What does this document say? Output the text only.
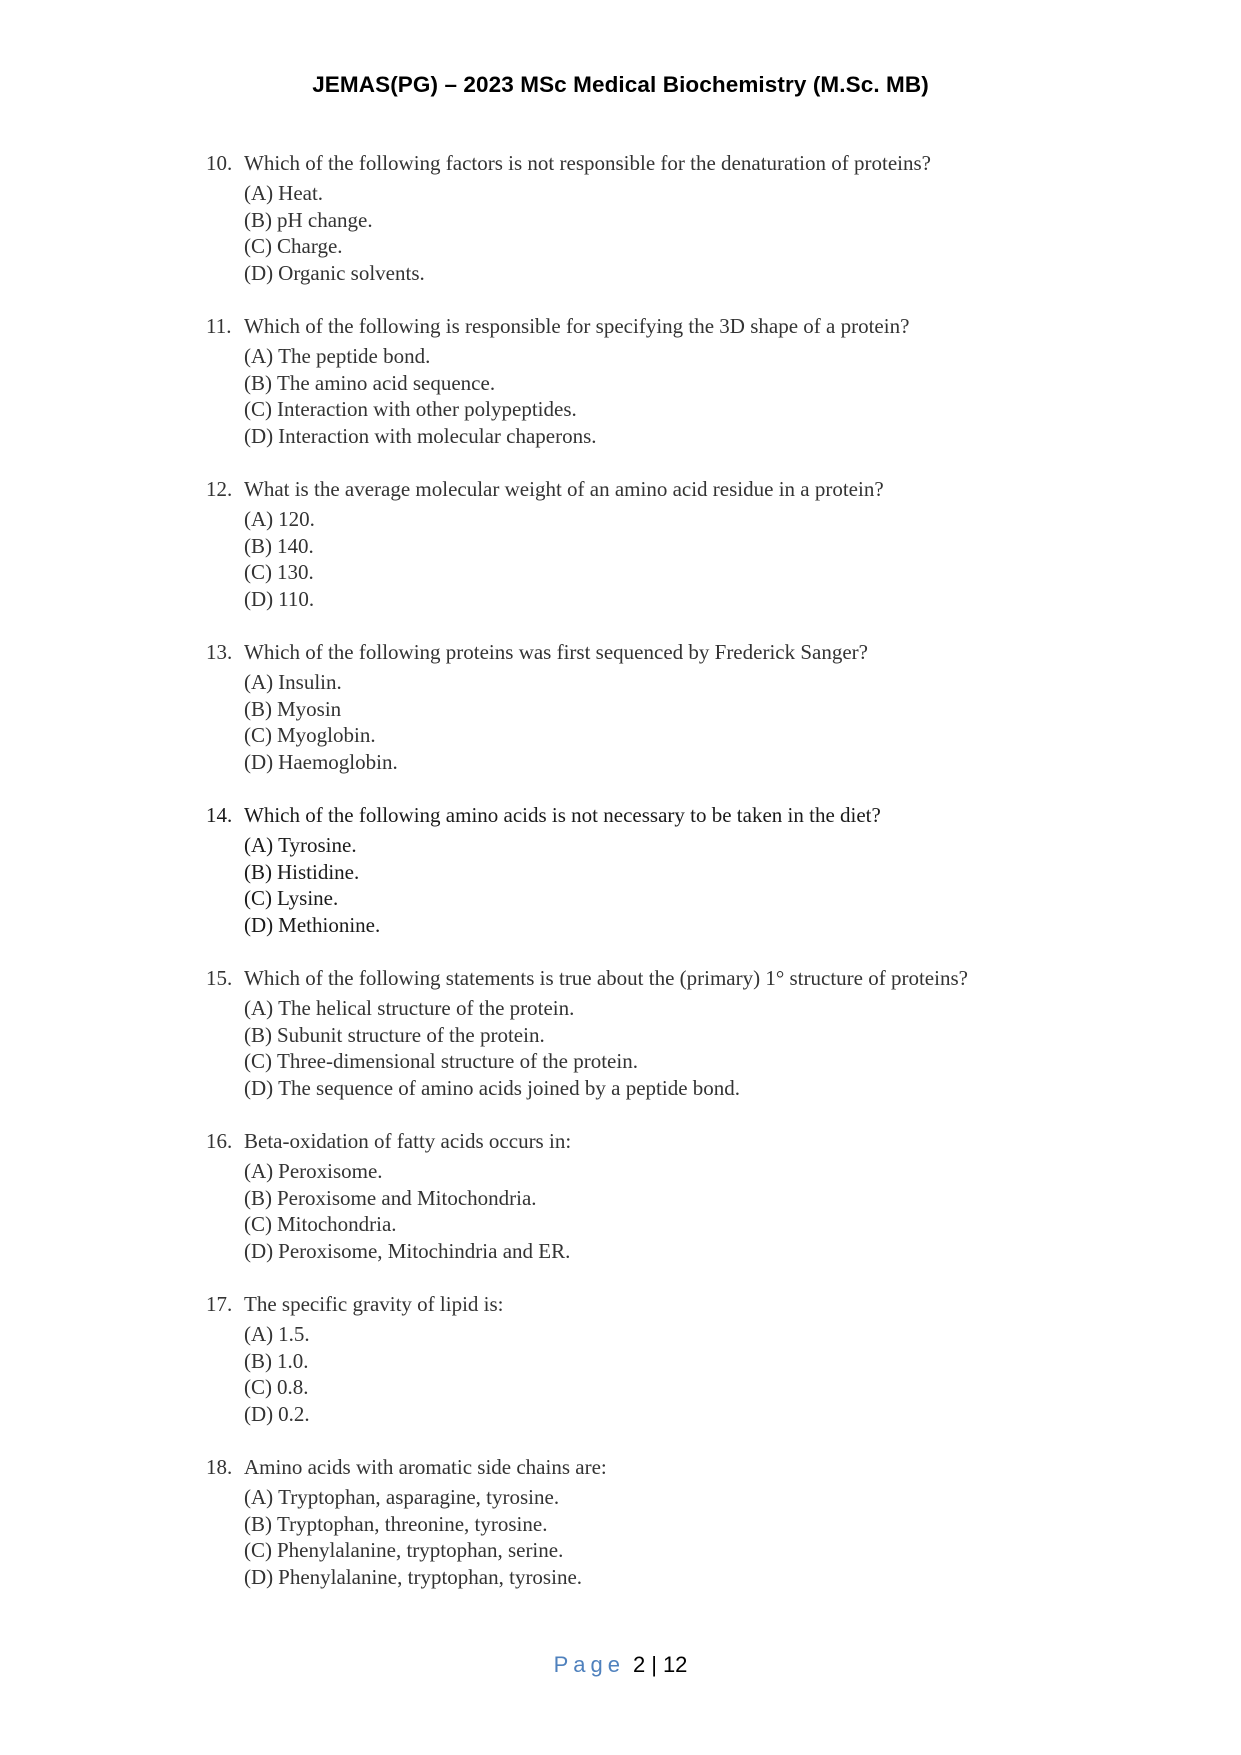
JEMAS(PG) – 2023 MSc Medical Biochemistry (M.Sc. MB)
10. Which of the following factors is not responsible for the denaturation of proteins?
(A) Heat.
(B) pH change.
(C) Charge.
(D) Organic solvents.
11. Which of the following is responsible for specifying the 3D shape of a protein?
(A) The peptide bond.
(B) The amino acid sequence.
(C) Interaction with other polypeptides.
(D) Interaction with molecular chaperons.
12. What is the average molecular weight of an amino acid residue in a protein?
(A) 120.
(B) 140.
(C) 130.
(D) 110.
13. Which of the following proteins was first sequenced by Frederick Sanger?
(A) Insulin.
(B) Myosin
(C) Myoglobin.
(D) Haemoglobin.
14. Which of the following amino acids is not necessary to be taken in the diet?
(A) Tyrosine.
(B) Histidine.
(C) Lysine.
(D) Methionine.
15. Which of the following statements is true about the (primary) 1° structure of proteins?
(A) The helical structure of the protein.
(B) Subunit structure of the protein.
(C) Three-dimensional structure of the protein.
(D) The sequence of amino acids joined by a peptide bond.
16. Beta-oxidation of fatty acids occurs in:
(A) Peroxisome.
(B) Peroxisome and Mitochondria.
(C) Mitochondria.
(D) Peroxisome, Mitochindria and ER.
17. The specific gravity of lipid is:
(A) 1.5.
(B) 1.0.
(C) 0.8.
(D) 0.2.
18. Amino acids with aromatic side chains are:
(A) Tryptophan, asparagine, tyrosine.
(B) Tryptophan, threonine, tyrosine.
(C) Phenylalanine, tryptophan, serine.
(D) Phenylalanine, tryptophan, tyrosine.
Page 2 | 12
